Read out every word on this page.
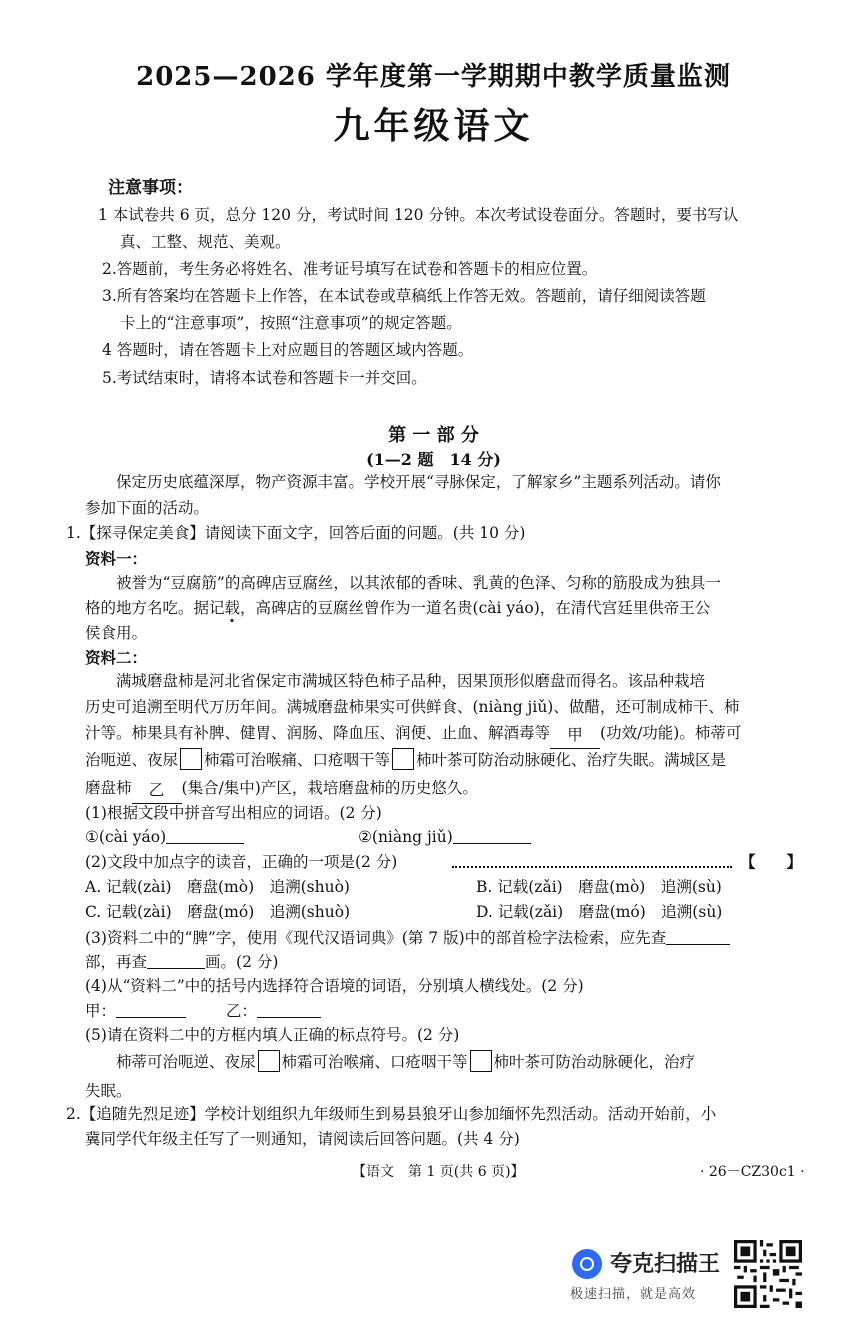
2025—2026 学年度第一学期期中教学质量监测
九年级语文
注意事项：
1 本试卷共 6 页，总分 120 分，考试时间 120 分钟。本次考试设卷面分。答题时，要书写认
真、工整、规范、美观。
2.答题前，考生务必将姓名、准考证号填写在试卷和答题卡的相应位置。
3.所有答案均在答题卡上作答，在本试卷或草稿纸上作答无效。答题前，请仔细阅读答题
卡上的“注意事项”，按照“注意事项”的规定答题。
4 答题时，请在答题卡上对应题目的答题区域内答题。
5.考试结束时，请将本试卷和答题卡一并交回。
第 一 部 分
(1—2 题　14 分)
保定历史底蕴深厚，物产资源丰富。学校开展“寻脉保定，了解家乡”主题系列活动。请你
参加下面的活动。
1.【探寻保定美食】请阅读下面文字，回答后面的问题。(共 10 分)
资料一：
被誉为“豆腐筋”的高碑店豆腐丝，以其浓郁的香味、乳黄的色泽、匀称的筋股成为独具一
格的地方名吃。据记载，高碑店的豆腐丝曾作为一道名贵(cài yáo)，在清代宫廷里供帝王公
侯食用。
资料二：
满城磨盘柿是河北省保定市满城区特色柿子品种，因果顶形似磨盘而得名。该品种栽培
历史可追溯至明代万历年间。满城磨盘柿果实可供鲜食、(niàng jiǔ)、做醋，还可制成柿干、柿
汁等。柿果具有补脾、健胃、润肠、降血压、润便、止血、解酒毒等 甲 (功效/功能)。柿蒂可
治呃逆、夜尿 柿霜可治喉痛、口疮咽干等 柿叶茶可防治动脉硬化、治疗失眠。满城区是
磨盘柿 乙 (集合/集中)产区，栽培磨盘柿的历史悠久。
(1)根据文段中拼音写出相应的词语。(2 分)
①(cài yáo)	②(niàng jiǔ)
(2)文段中加点字的读音，正确的一项是(2 分)	【　　】
A. 记载(zài)　磨盘(mò)　追溯(shuò)	B. 记载(zǎi)　磨盘(mò)　追溯(sù)
C. 记载(zài)　磨盘(mó)　追溯(shuò)	D. 记载(zǎi)　磨盘(mó)　追溯(sù)
(3)资料二中的“脾”字，使用《现代汉语词典》(第 7 版)中的部首检字法检索，应先查
部，再查	画。(2 分)
(4)从“资料二”中的括号内选择符合语境的词语，分别填人横线处。(2 分)
甲：	乙：
(5)请在资料二中的方框内填人正确的标点符号。(2 分)
柿蒂可治呃逆、夜尿 柿霜可治喉痛、口疮咽干等 柿叶茶可防治动脉硬化，治疗
失眠。
2.【追随先烈足迹】学校计划组织九年级师生到易县狼牙山参加缅怀先烈活动。活动开始前，小
冀同学代年级主任写了一则通知，请阅读后回答问题。(共 4 分)
【语文　第 1 页(共 6 页)】	· 26－CZ30c1 ·
夸克扫描王
极速扫描，就是高效
